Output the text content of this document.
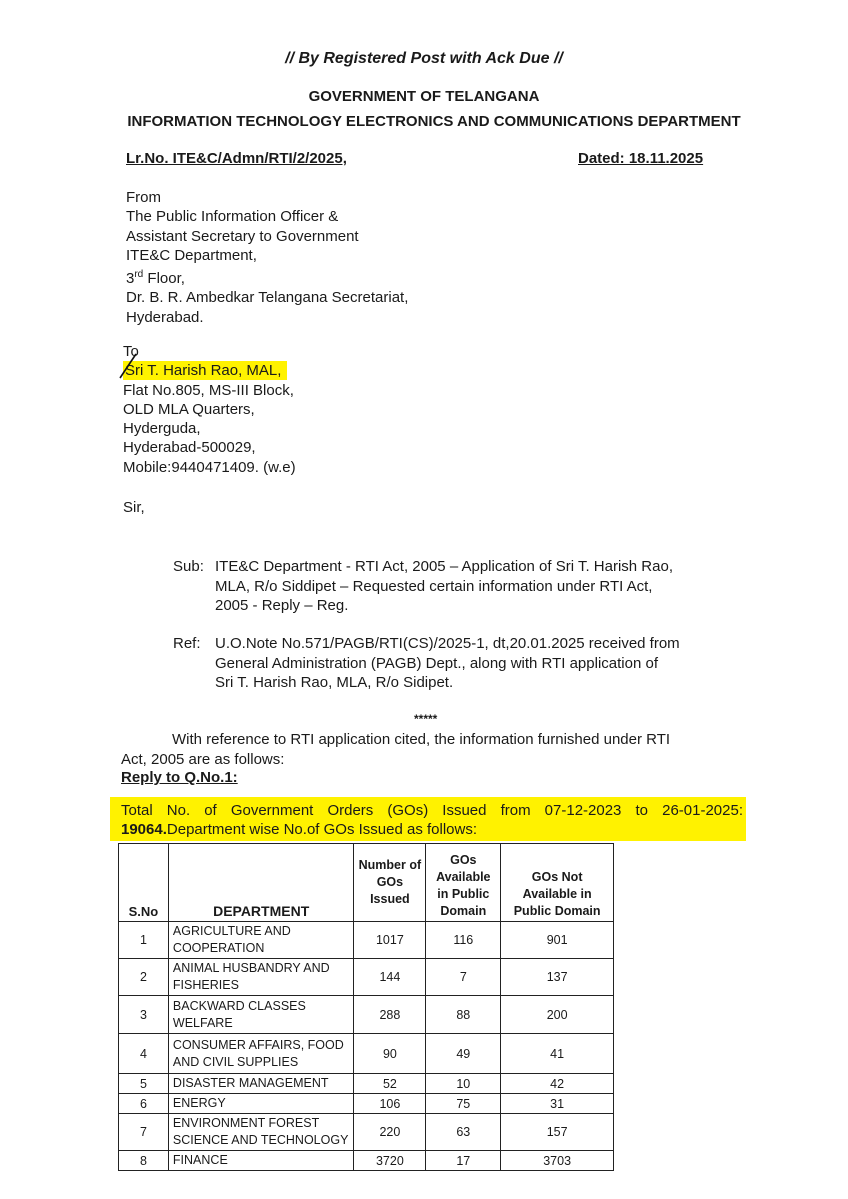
// By Registered Post with Ack Due //
GOVERNMENT OF TELANGANA
INFORMATION TECHNOLOGY ELECTRONICS AND COMMUNICATIONS DEPARTMENT
Lr.No. ITE&C/Admn/RTI/2/2025,	Dated: 18.11.2025
From
The Public Information Officer &
Assistant Secretary to Government
ITE&C Department,
3rd Floor,
Dr. B. R. Ambedkar Telangana Secretariat,
Hyderabad.
To
Sri T. Harish Rao, MAL,
Flat No.805, MS-III Block,
OLD MLA Quarters,
Hyderguda,
Hyderabad-500029,
Mobile:9440471409. (w.e)
Sir,
Sub: ITE&C Department - RTI Act, 2005 – Application of Sri T. Harish Rao,
MLA, R/o Siddipet – Requested certain information under RTI Act,
2005 - Reply – Reg.
Ref: U.O.Note No.571/PAGB/RTI(CS)/2025-1, dt,20.01.2025 received from
General Administration (PAGB) Dept., along with RTI application of
Sri T. Harish Rao, MLA, R/o Sidipet.
*****
With reference to RTI application cited, the information furnished under RTI
Act, 2005 are as follows:
Reply to Q.No.1:
Total No. of Government Orders (GOs) Issued from 07-12-2023 to 26-01-2025:
19064.Department wise No.of GOs Issued as follows:
S.No	DEPARTMENT	Number of GOs Issued	GOs Available in Public Domain	GOs Not Available in Public Domain
1	AGRICULTURE AND COOPERATION	1017	116	901
2	ANIMAL HUSBANDRY AND FISHERIES	144	7	137
3	BACKWARD CLASSES WELFARE	288	88	200
4	CONSUMER AFFAIRS, FOOD AND CIVIL SUPPLIES	90	49	41
5	DISASTER MANAGEMENT	52	10	42
6	ENERGY	106	75	31
7	ENVIRONMENT FOREST SCIENCE AND TECHNOLOGY	220	63	157
8	FINANCE	3720	17	3703
